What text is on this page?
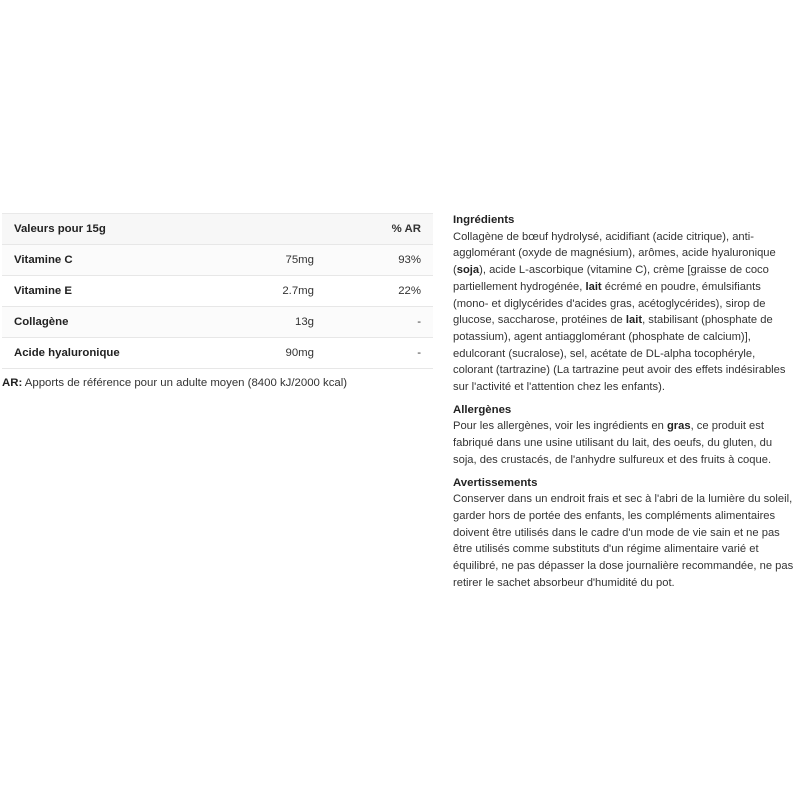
Valeurs pour 15g		% AR
Vitamine C	75mg	93%
Vitamine E	2.7mg	22%
Collagène	13g	-
Acide hyaluronique	90mg	-

AR: Apports de référence pour un adulte moyen (8400 kJ/2000 kcal)

Ingrédients

Collagène de bœuf hydrolysé, acidifiant (acide citrique), anti-agglomérant (oxyde de magnésium), arômes, acide hyaluronique (soja), acide L-ascorbique (vitamine C), crème [graisse de coco partiellement hydrogénée, lait écrémé en poudre, émulsifiants (mono- et diglycérides d'acides gras, acétoglycérides), sirop de glucose, saccharose, protéines de lait, stabilisant (phosphate de potassium), agent antiagglomérant (phosphate de calcium)], edulcorant (sucralose), sel, acétate de DL-alpha tocophéryle, colorant (tartrazine) (La tartrazine peut avoir des effets indésirables sur l'activité et l'attention chez les enfants).

Allergènes

Pour les allergènes, voir les ingrédients en gras, ce produit est fabriqué dans une usine utilisant du lait, des oeufs, du gluten, du soja, des crustacés, de l'anhydre sulfureux et des fruits à coque.

Avertissements

Conserver dans un endroit frais et sec à l'abri de la lumière du soleil, garder hors de portée des enfants, les compléments alimentaires doivent être utilisés dans le cadre d'un mode de vie sain et ne pas être utilisés comme substituts d'un régime alimentaire varié et équilibré, ne pas dépasser la dose journalière recommandée, ne pas retirer le sachet absorbeur d'humidité du pot.
